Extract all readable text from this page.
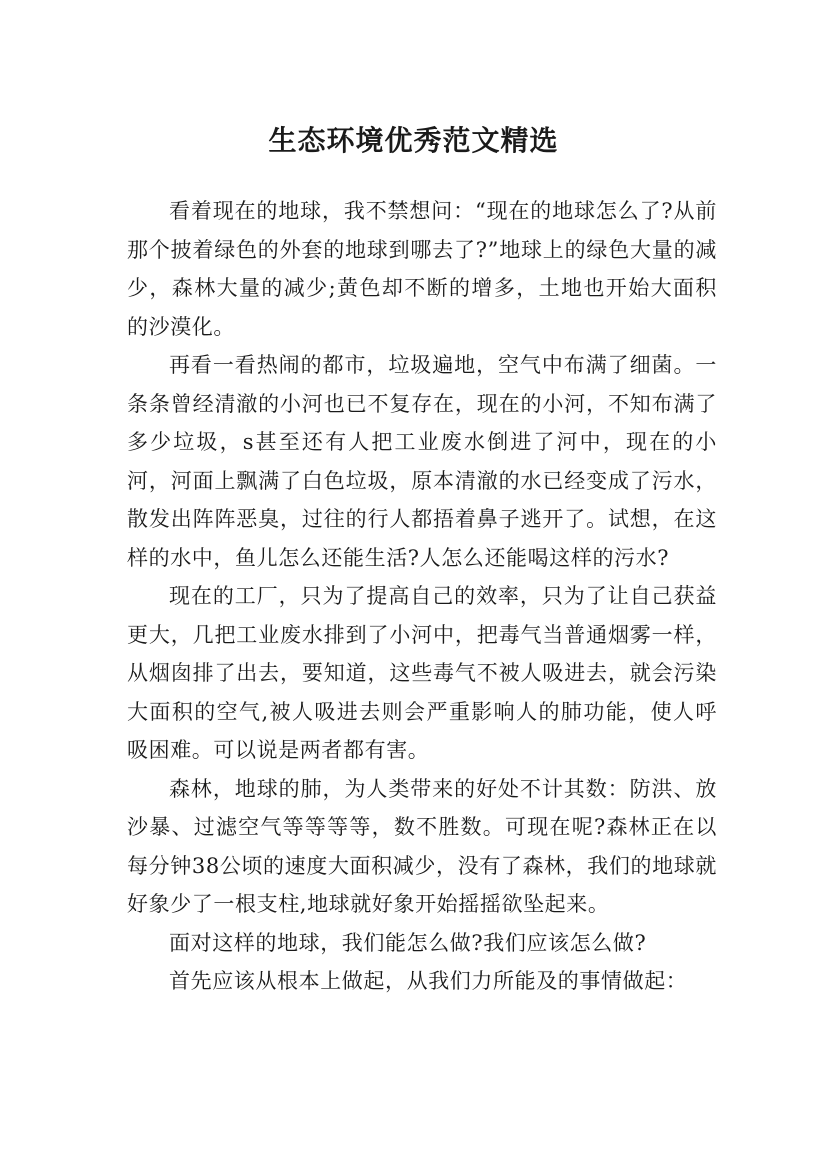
生态环境优秀范文精选

看着现在的地球，我不禁想问：“现在的地球怎么了?从前那个披着绿色的外套的地球到哪去了?”地球上的绿色大量的减少，森林大量的减少;黄色却不断的增多，土地也开始大面积的沙漠化。

再看一看热闹的都市，垃圾遍地，空气中布满了细菌。一条条曾经清澈的小河也已不复存在，现在的小河，不知布满了多少垃圾，s甚至还有人把工业废水倒进了河中，现在的小河，河面上飘满了白色垃圾，原本清澈的水已经变成了污水，散发出阵阵恶臭，过往的行人都捂着鼻子逃开了。试想，在这样的水中，鱼儿怎么还能生活?人怎么还能喝这样的污水?

现在的工厂，只为了提高自己的效率，只为了让自己获益更大，几把工业废水排到了小河中，把毒气当普通烟雾一样，从烟囱排了出去，要知道，这些毒气不被人吸进去，就会污染大面积的空气,被人吸进去则会严重影响人的肺功能，使人呼吸困难。可以说是两者都有害。

森林，地球的肺，为人类带来的好处不计其数：防洪、放沙暴、过滤空气等等等等，数不胜数。可现在呢?森林正在以每分钟38公顷的速度大面积减少，没有了森林，我们的地球就好象少了一根支柱,地球就好象开始摇摇欲坠起来。

面对这样的地球，我们能怎么做?我们应该怎么做?

首先应该从根本上做起，从我们力所能及的事情做起：
